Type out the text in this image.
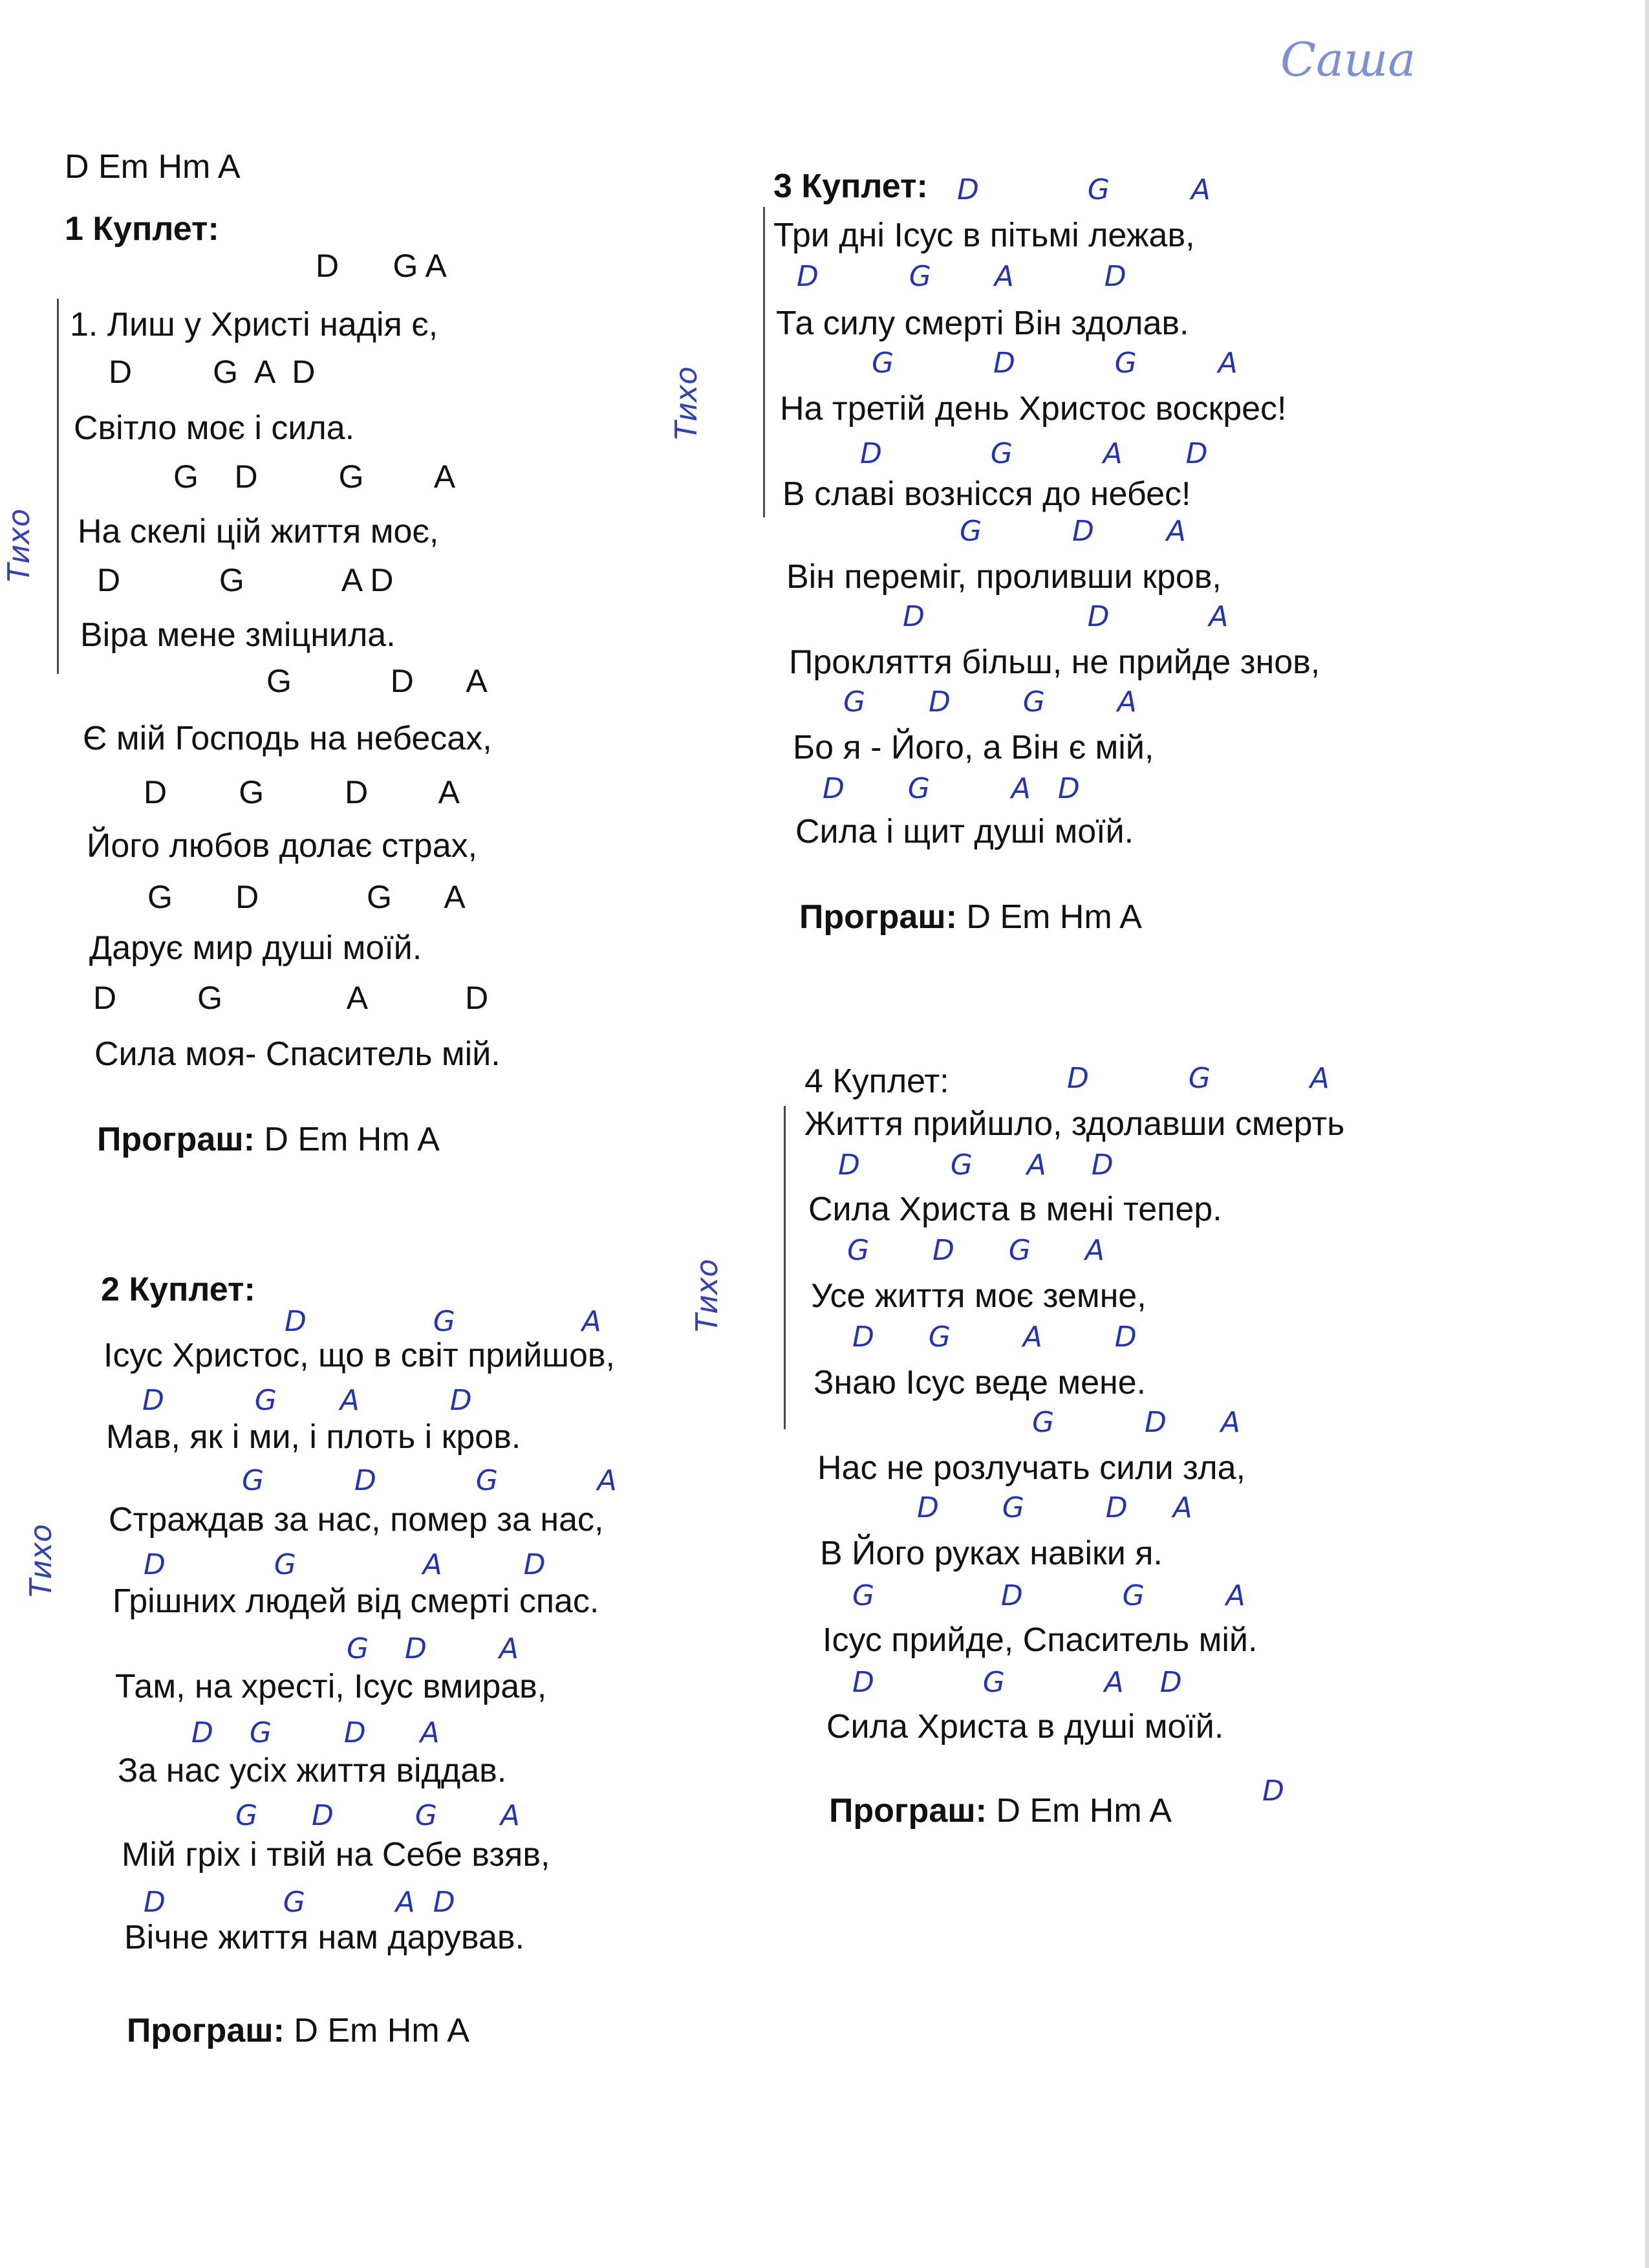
Саша
D Em Hm A
1 Куплет:
Тихо
D      G A
1. Лиш у Христі надія є,
D         G  A  D
Світло моє і сила.
G    D         G        A
На скелі цій життя моє,
D           G           A D
Віра мене зміцнила.
G           D      A
Є мій Господь на небесах,
D        G         D        A
Його любов долає страх,
G       D            G      A
Дарує мир душі моїй.
D         G              A           D
Сила моя- Спаситель мій.
Програш: D Em Hm A
2 Куплет:
Тихо
D              G              A
Ісус Христос, що в світ прийшов,
D          G       A          D
Мав, як і ми, і плоть і кров.
G          D           G           A
Страждав за нас, помер за нас,
D            G              A         D
Грішних людей від смерті спас.
G    D        A
Там, на хресті, Ісус вмирав,
D    G        D      A
За нас усіх життя віддав.
G      D         G       A
Мій гріх і твій на Себе взяв,
D             G          A  D
Вічне життя нам дарував.
Програш: D Em Hm A
3 Куплет:
Тихо
D            G         A
Три дні Ісус в пітьмі лежав,
D          G       A          D
Та силу смерті Він здолав.
G           D           G         A
На третій день Христос воскрес!
D            G          A       D
В славі вознісся до небес!
G          D        A
Він переміг, проливши кров,
D                  D           A
Прокляття більш, не прийде знов,
G       D        G        A
Бо я - Його, а Він є мій,
D       G         A   D
Сила і щит душі моїй.
Програш: D Em Hm A
4 Куплет:
Тихо
D           G           A
Життя прийшло, здолавши смерть
D          G      A     D
Сила Христа в мені тепер.
G       D      G      A
Усе життя моє земне,
D      G        A        D
Знаю Ісус веде мене.
G          D      A
Нас не розлучать сили зла,
D       G         D     A
В Його руках навіки я.
G              D           G         A
Ісус прийде, Спаситель мій.
D            G           A    D
Сила Христа в душі моїй.
Програш: D Em Hm A
D
